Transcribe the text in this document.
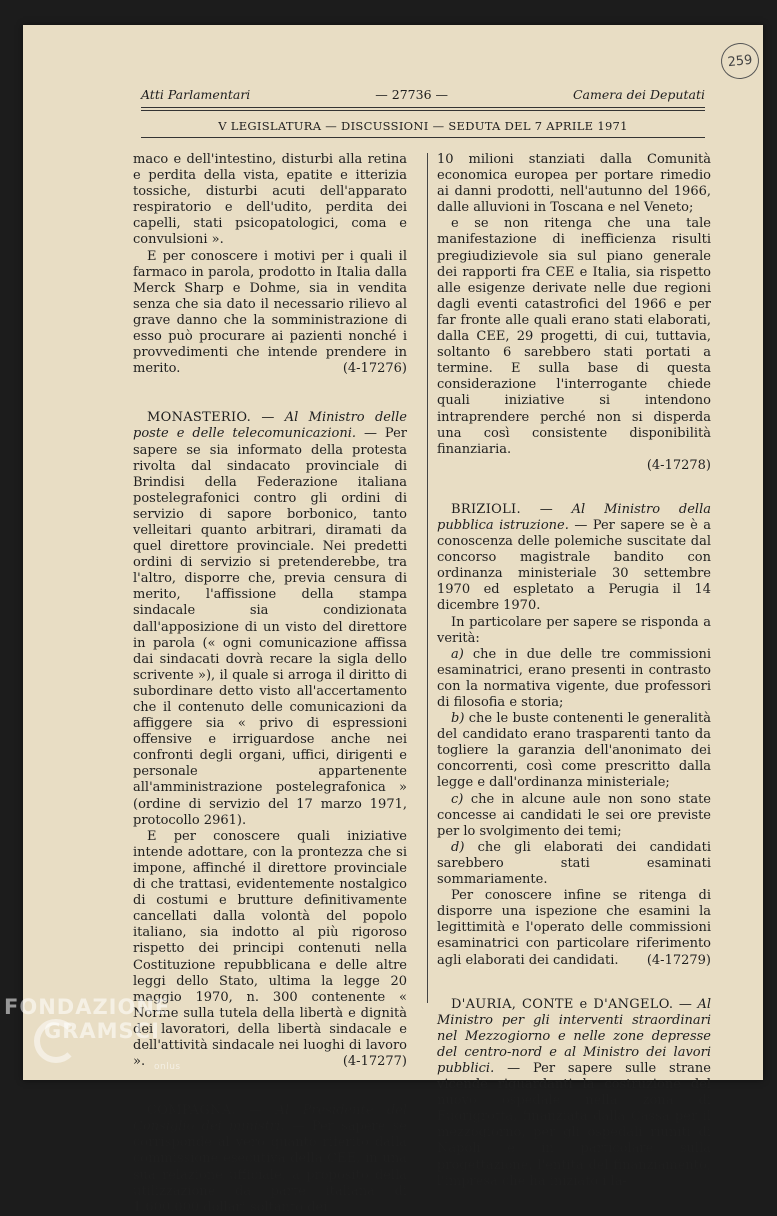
259
Atti Parlamentari	— 27736 —	Camera dei Deputati
V LEGISLATURA — DISCUSSIONI — SEDUTA DEL 7 APRILE 1971

maco e dell'intestino, disturbi alla retina e perdita della vista, epatite e itterizia tossiche, disturbi acuti dell'apparato respiratorio e dell'udito, perdita dei capelli, stati psicopatologici, coma e convulsioni ».

E per conoscere i motivi per i quali il farmaco in parola, prodotto in Italia dalla Merck Sharp e Dohme, sia in vendita senza che sia dato il necessario rilievo al grave danno che la somministrazione di esso può procurare ai pazienti nonché i provvedimenti che intende prendere in merito.	(4-17276)

MONASTERIO. — Al Ministro delle poste e delle telecomunicazioni. — Per sapere se sia informato della protesta rivolta dal sindacato provinciale di Brindisi della Federazione italiana postelegrafonici contro gli ordini di servizio di sapore borbonico, tanto velleitari quanto arbitrari, diramati da quel direttore provinciale. Nei predetti ordini di servizio si pretenderebbe, tra l'altro, disporre che, previa censura di merito, l'affissione della stampa sindacale sia condizionata dall'apposizione di un visto del direttore in parola (« ogni comunicazione affissa dai sindacati dovrà recare la sigla dello scrivente »), il quale si arroga il diritto di subordinare detto visto all'accertamento che il contenuto delle comunicazioni da affiggere sia « privo di espressioni offensive e irriguardose anche nei confronti degli organi, uffici, dirigenti e personale appartenente all'amministrazione postelegrafonica » (ordine di servizio del 17 marzo 1971, protocollo 2961).

E per conoscere quali iniziative intende adottare, con la prontezza che si impone, affinché il direttore provinciale di che trattasi, evidentemente nostalgico di costumi e brutture definitivamente cancellati dalla volontà del popolo italiano, sia indotto al più rigoroso rispetto dei principi contenuti nella Costituzione repubblicana e delle altre leggi dello Stato, ultima la legge 20 maggio 1970, n. 300 contenente « Norme sulla tutela della libertà e dignità dei lavoratori, della libertà sindacale e dell'attività sindacale nei luoghi di lavoro ».	(4-17277)

COMPAGNA. — Al Presidente del Consiglio dei ministri. — Per sapere se corrisponde al vero quanto riferito dalla commissione esecutiva della CEE, in una sua relazione ufficiale, a proposito della utilizzazione da parte italiana di 1.600.000 dollari soltanto dei

10 milioni stanziati dalla Comunità economica europea per portare rimedio ai danni prodotti, nell'autunno del 1966, dalle alluvioni in Toscana e nel Veneto;

e se non ritenga che una tale manifestazione di inefficienza risulti pregiudizievole sia sul piano generale dei rapporti fra CEE e Italia, sia rispetto alle esigenze derivate nelle due regioni dagli eventi catastrofici del 1966 e per far fronte alle quali erano stati elaborati, dalla CEE, 29 progetti, di cui, tuttavia, soltanto 6 sarebbero stati portati a termine. E sulla base di questa considerazione l'interrogante chiede quali iniziative si intendono intraprendere perché non si disperda una così consistente disponibilità finanziaria.

(4-17278)

BRIZIOLI. — Al Ministro della pubblica istruzione. — Per sapere se è a conoscenza delle polemiche suscitate dal concorso magistrale bandito con ordinanza ministeriale 30 settembre 1970 ed espletato a Perugia il 14 dicembre 1970.

In particolare per sapere se risponda a verità:

a) che in due delle tre commissioni esaminatrici, erano presenti in contrasto con la normativa vigente, due professori di filosofia e storia;

b) che le buste contenenti le generalità del candidato erano trasparenti tanto da togliere la garanzia dell'anonimato dei concorrenti, così come prescritto dalla legge e dall'ordinanza ministeriale;

c) che in alcune aule non sono state concesse ai candidati le sei ore previste per lo svolgimento dei temi;

d) che gli elaborati dei candidati sarebbero stati esaminati sommariamente.

Per conoscere infine se ritenga di disporre una ispezione che esamini la legittimità e l'operato delle commissioni esaminatrici con particolare riferimento agli elaborati dei candidati.	(4-17279)

D'AURIA, CONTE e D'ANGELO. — Al Ministro per gli interventi straordinari nel Mezzogiorno e nelle zone depresse del centro-nord e al Ministro dei lavori pubblici. — Per sapere sulle strane vicende riguardanti la costruzione del nuovo ospedale nella zona di Fuorigrotta, finanziata dalla Cassa per il mezzogiorno, per gli ospedali riuniti di Napoli e in particolare sulla progettazione, l'entità del finanziamento, l'impresa che ha iniziato i la-

FONDAZIONE
GRAMSCI
onlus
